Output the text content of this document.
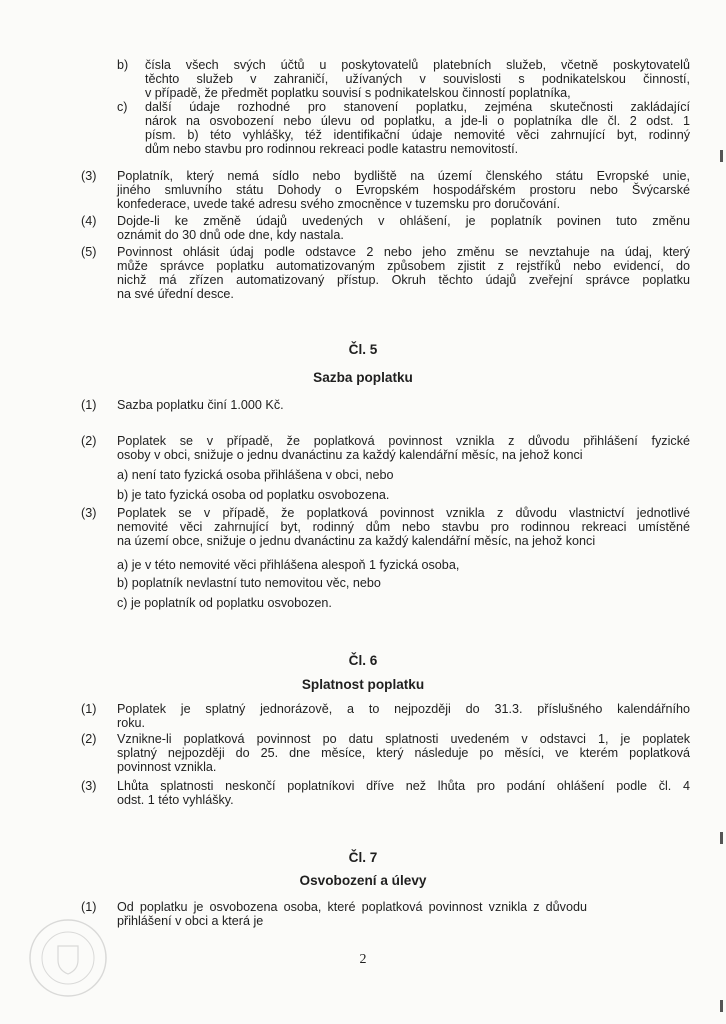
b) čísla všech svých účtů u poskytovatelů platebních služeb, včetně poskytovatelů
těchto služeb v zahraničí, užívaných v souvislosti s podnikatelskou činností,
v případě, že předmět poplatku souvisí s podnikatelskou činností poplatníka,
c) další údaje rozhodné pro stanovení poplatku, zejména skutečnosti zakládající
nárok na osvobození nebo úlevu od poplatku, a jde-li o poplatníka dle čl. 2 odst. 1
písm. b) této vyhlášky, též identifikační údaje nemovité věci zahrnující byt, rodinný
dům nebo stavbu pro rodinnou rekreaci podle katastru nemovitostí.
(3) Poplatník, který nemá sídlo nebo bydliště na území členského státu Evropské unie,
jiného smluvního státu Dohody o Evropském hospodářském prostoru nebo Švýcarské
konfederace, uvede také adresu svého zmocněnce v tuzemsku pro doručování.
(4) Dojde-li ke změně údajů uvedených v ohlášení, je poplatník povinen tuto změnu
oznámit do 30 dnů ode dne, kdy nastala.
(5) Povinnost ohlásit údaj podle odstavce 2 nebo jeho změnu se nevztahuje na údaj, který
může správce poplatku automatizovaným způsobem zjistit z rejstříků nebo evidencí, do
nichž má zřízen automatizovaný přístup. Okruh těchto údajů zveřejní správce poplatku
na své úřední desce.
(1) Sazba poplatku činí 1.000 Kč.
(2) Poplatek se v případě, že poplatková povinnost vznikla z důvodu přihlášení fyzické
osoby v obci, snižuje o jednu dvanáctinu za každý kalendářní měsíc, na jehož konci
a) není tato fyzická osoba přihlášena v obci, nebo
b) je tato fyzická osoba od poplatku osvobozena.
(3) Poplatek se v případě, že poplatková povinnost vznikla z důvodu vlastnictví jednotlivé
nemovité věci zahrnující byt, rodinný dům nebo stavbu pro rodinnou rekreaci umístěné
na území obce, snižuje o jednu dvanáctinu za každý kalendářní měsíc, na jehož konci
a) je v této nemovité věci přihlášena alespoň 1 fyzická osoba,
b) poplatník nevlastní tuto nemovitou věc, nebo
c) je poplatník od poplatku osvobozen.
(1) Poplatek je splatný jednorázově, a to nejpozději do 31.3. příslušného kalendářního
roku.
(2) Vznikne-li poplatková povinnost po datu splatnosti uvedeném v odstavci 1, je poplatek
splatný nejpozději do 25. dne měsíce, který následuje po měsíci, ve kterém poplatková
povinnost vznikla.
(3) Lhůta splatnosti neskončí poplatníkovi dříve než lhůta pro podání ohlášení podle čl. 4
odst. 1 této vyhlášky.
(1) Od poplatku je osvobozena osoba, které poplatková povinnost vznikla z důvodu
přihlášení v obci a která je
Čl. 5
Sazba poplatku
Čl. 6
Splatnost poplatku
Čl. 7
Osvobození a úlevy
2
